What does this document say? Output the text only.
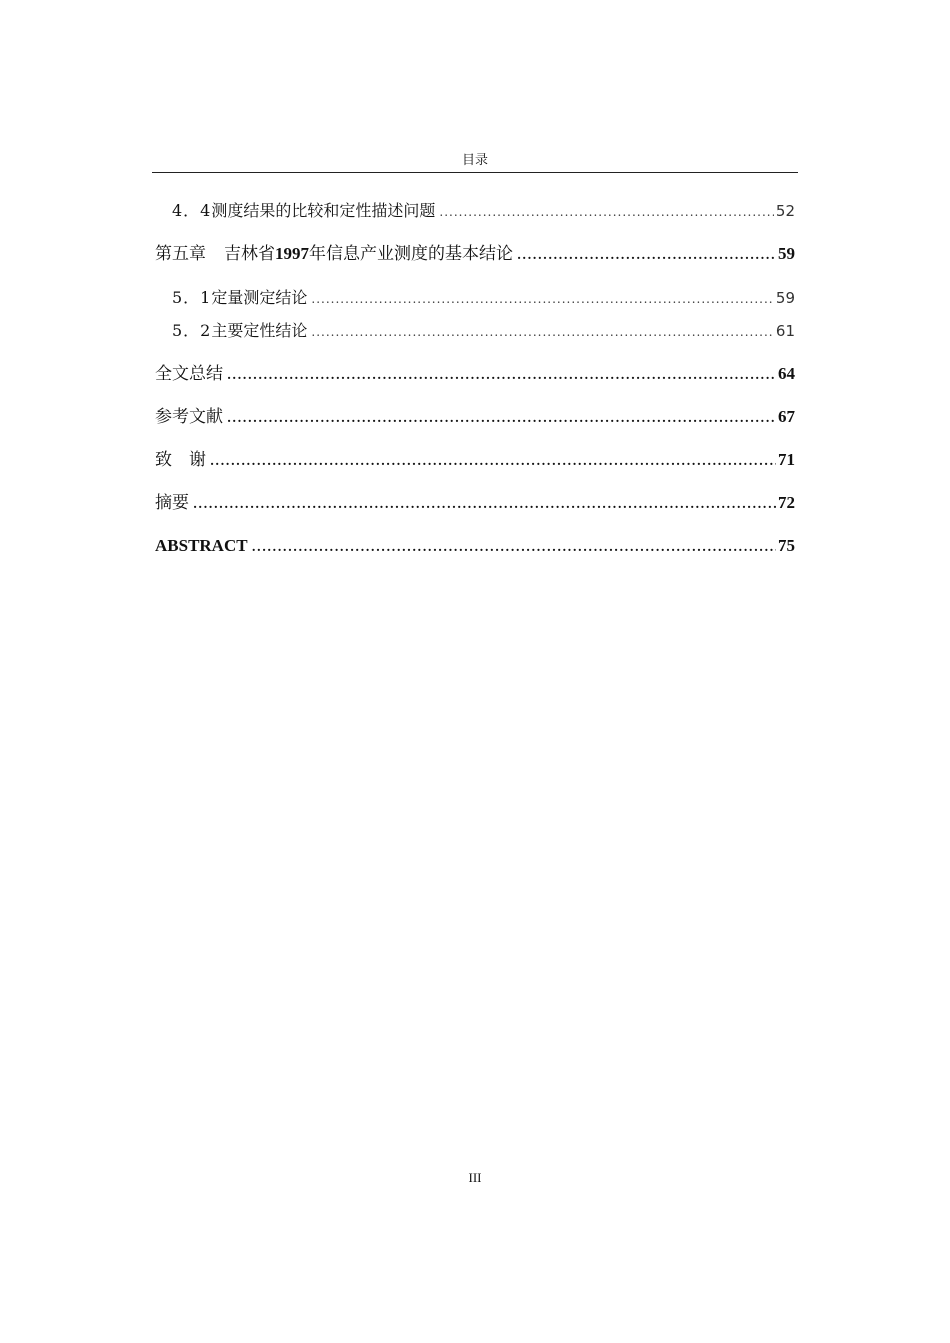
目录
4．4 测度结果的比较和定性描述问题 .....	52
第五章 吉林省1997年信息产业测度的基本结论 .....	59
5．1 定量测定结论 .....	59
5．2 主要定性结论 .....	61
全文总结 .....	64
参考文献 .....	67
致　谢 .....	71
摘要 .....	72
ABSTRACT .....	75
III
